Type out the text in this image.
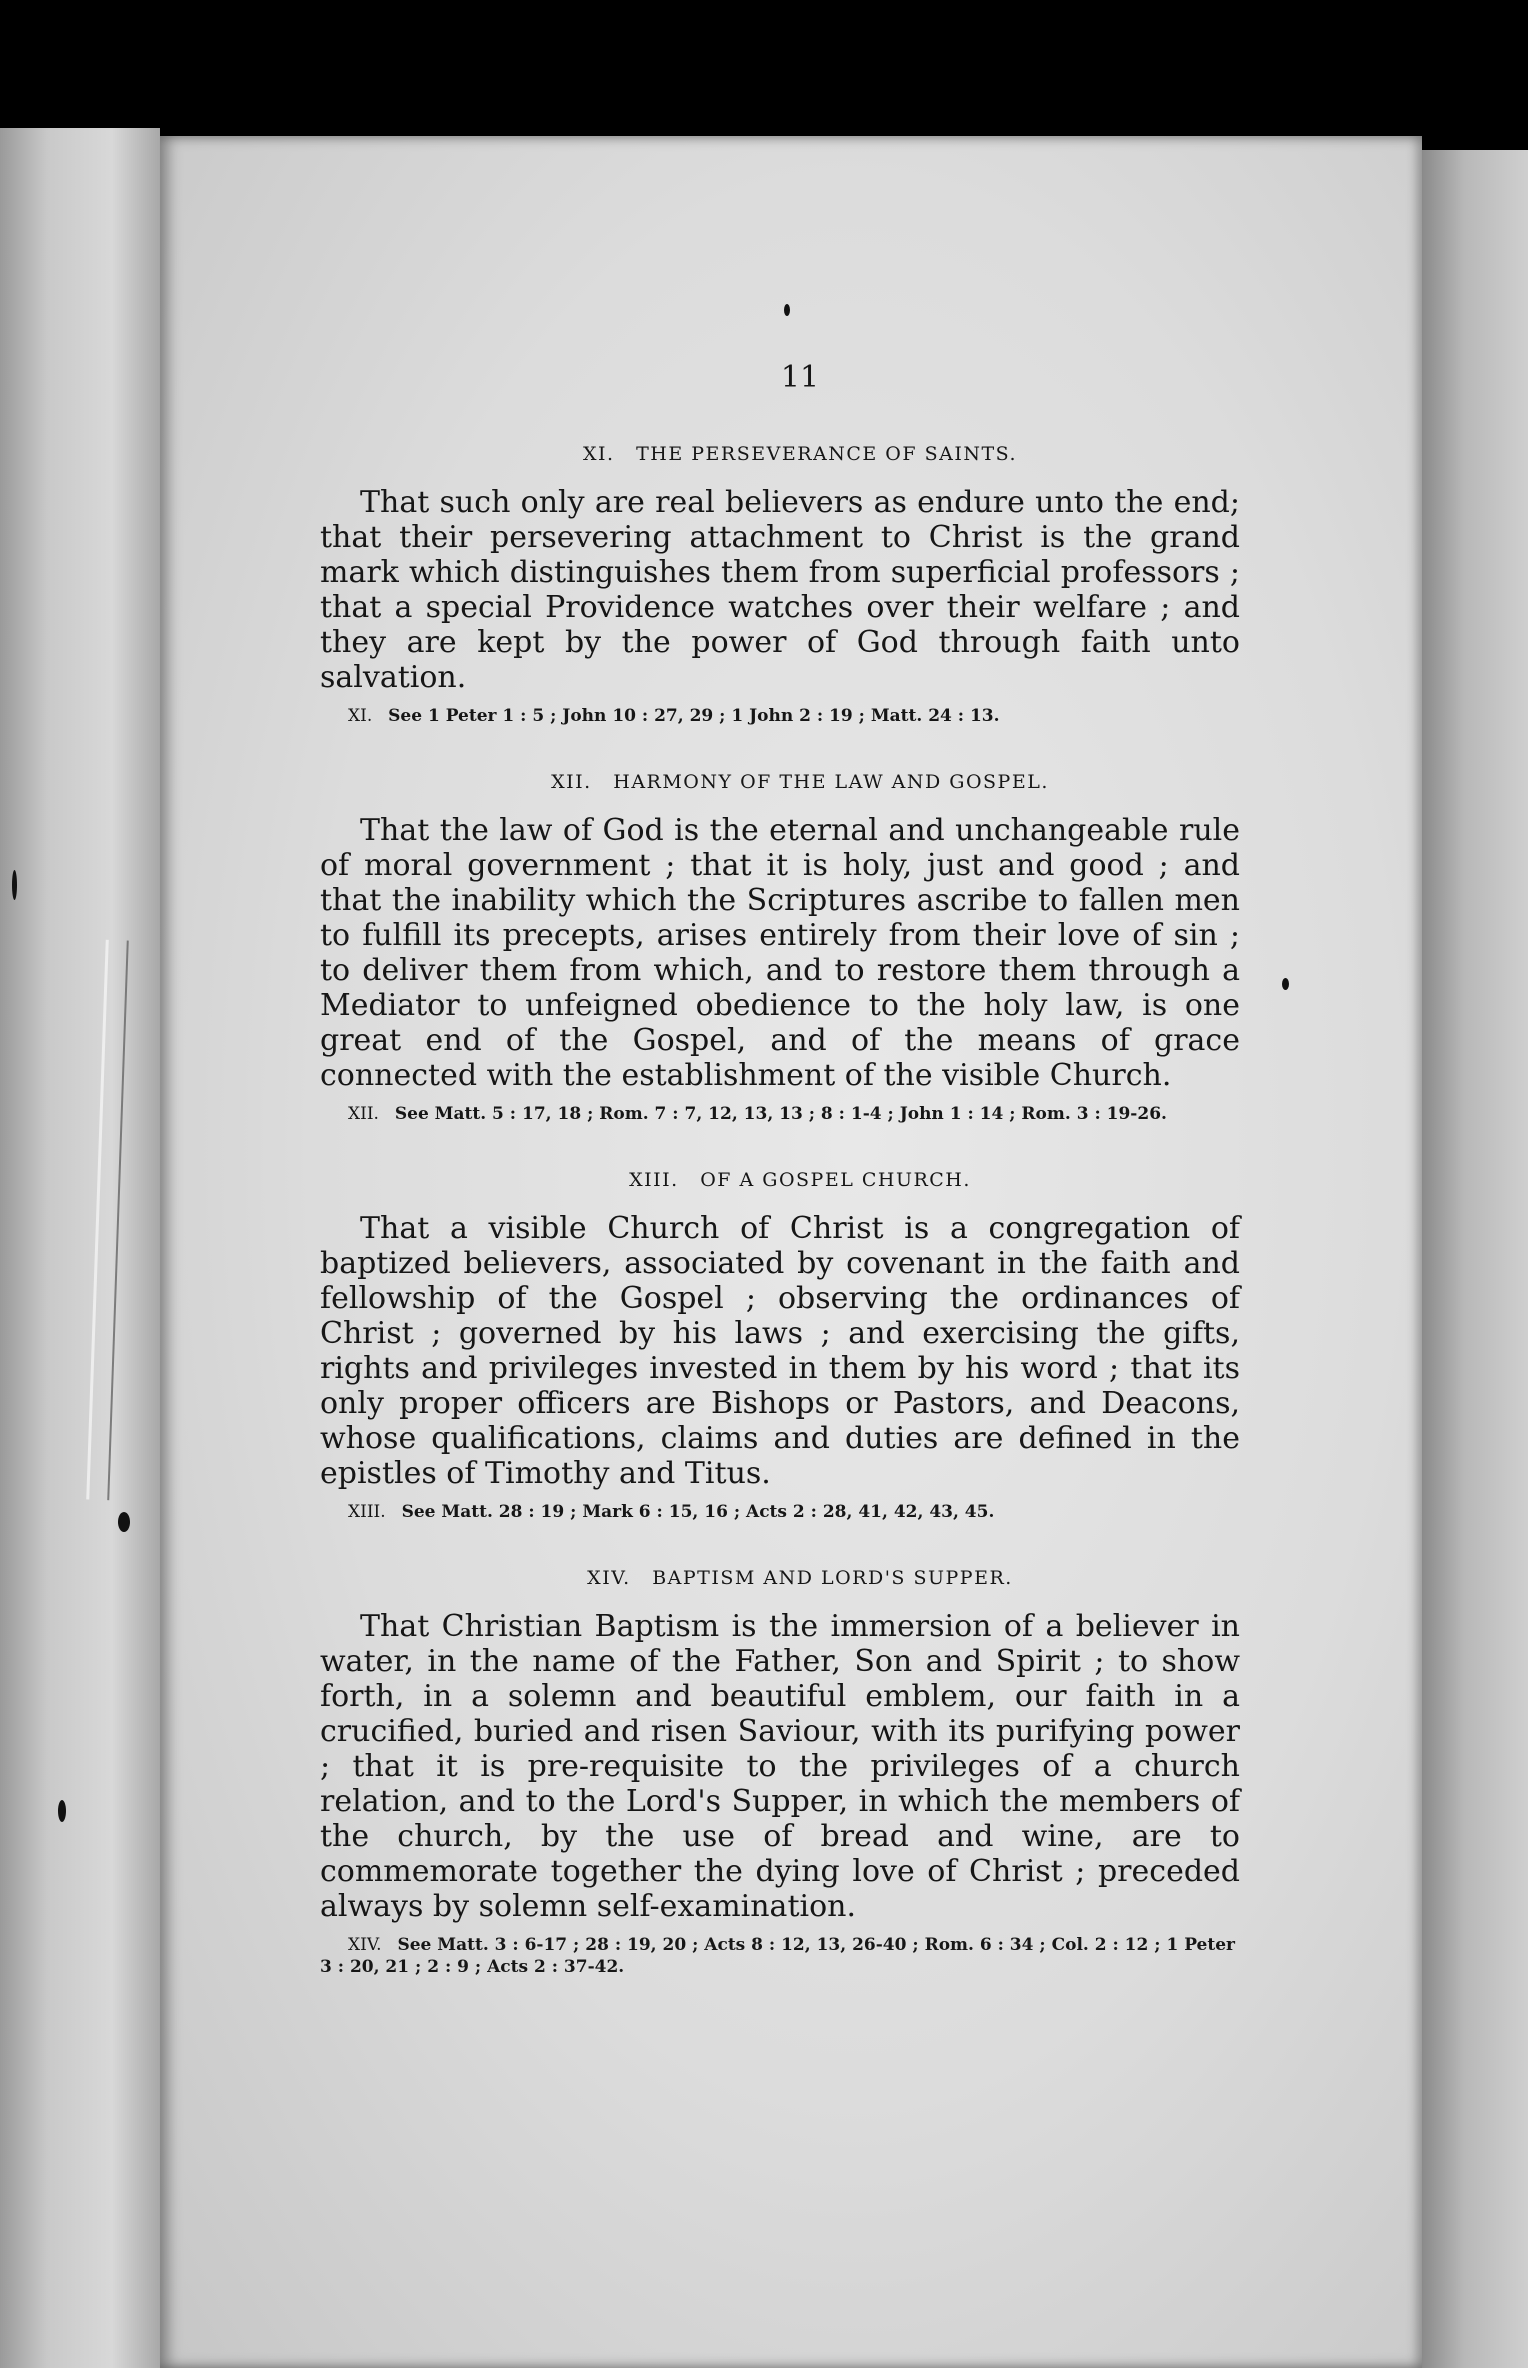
11
XI. THE PERSEVERANCE OF SAINTS.

That such only are real believers as endure unto the end; that their persevering attachment to Christ is the grand mark which distinguishes them from superficial professors ; that a special Providence watches over their welfare ; and they are kept by the power of God through faith unto salvation.

XI. See 1 Peter 1 : 5 ; John 10 : 27, 29 ; 1 John 2 : 19 ; Matt. 24 : 13.

XII. HARMONY OF THE LAW AND GOSPEL.

That the law of God is the eternal and unchangeable rule of moral government ; that it is holy, just and good ; and that the inability which the Scriptures ascribe to fallen men to fulfill its precepts, arises entirely from their love of sin ; to deliver them from which, and to restore them through a Mediator to unfeigned obedience to the holy law, is one great end of the Gospel, and of the means of grace connected with the establishment of the visible Church.

XII. See Matt. 5 : 17, 18 ; Rom. 7 : 7, 12, 13, 13 ; 8 : 1-4 ; John 1 : 14 ; Rom. 3 : 19-26.

XIII. OF A GOSPEL CHURCH.

That a visible Church of Christ is a congregation of baptized believers, associated by covenant in the faith and fellowship of the Gospel ; observing the ordinances of Christ ; governed by his laws ; and exercising the gifts, rights and privileges invested in them by his word ; that its only proper officers are Bishops or Pastors, and Deacons, whose qualifications, claims and duties are defined in the epistles of Timothy and Titus.

XIII. See Matt. 28 : 19 ; Mark 6 : 15, 16 ; Acts 2 : 28, 41, 42, 43, 45.

XIV. BAPTISM AND LORD'S SUPPER.

That Christian Baptism is the immersion of a believer in water, in the name of the Father, Son and Spirit ; to show forth, in a solemn and beautiful emblem, our faith in a crucified, buried and risen Saviour, with its purifying power ; that it is pre-requisite to the privileges of a church relation, and to the Lord's Supper, in which the members of the church, by the use of bread and wine, are to commemorate together the dying love of Christ ; preceded always by solemn self-examination.

XIV. See Matt. 3 : 6-17 ; 28 : 19, 20 ; Acts 8 : 12, 13, 26-40 ; Rom. 6 : 34 ; Col. 2 : 12 ; 1 Peter 3 : 20, 21 ; 2 : 9 ; Acts 2 : 37-42.
